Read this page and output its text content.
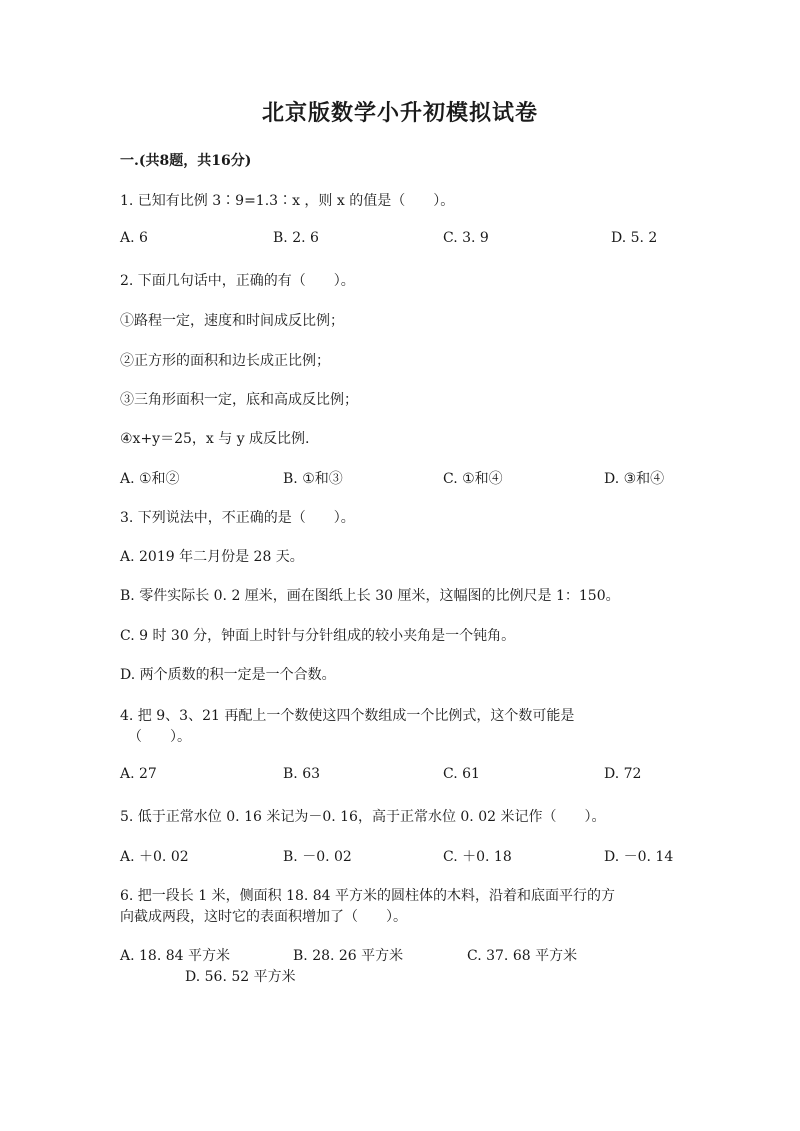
北京版数学小升初模拟试卷
一.(共8题，共16分)
1. 已知有比例 3∶9=1.3∶x ，则 x 的值是（　　）。
A. 6	B. 2. 6	C. 3. 9	D. 5. 2
2. 下面几句话中，正确的有（　　）。
①路程一定，速度和时间成反比例；
②正方形的面积和边长成正比例；
③三角形面积一定，底和高成反比例；
④x+y＝25，x 与 y 成反比例.
A. ①和②	B. ①和③	C. ①和④	D. ③和④
3. 下列说法中，不正确的是（　　）。
A. 2019 年二月份是 28 天。
B. 零件实际长 0. 2 厘米，画在图纸上长 30 厘米，这幅图的比例尺是 1：150。
C. 9 时 30 分，钟面上时针与分针组成的较小夹角是一个钝角。
D. 两个质数的积一定是一个合数。
4. 把 9、3、21 再配上一个数使这四个数组成一个比例式，这个数可能是
（　　）。
A. 27	B. 63	C. 61	D. 72
5. 低于正常水位 0. 16 米记为－0. 16，高于正常水位 0. 02 米记作（　　）。
A. ＋0. 02	B. －0. 02	C. ＋0. 18	D. －0. 14
6. 把一段长 1 米，侧面积 18. 84 平方米的圆柱体的木料，沿着和底面平行的方
向截成两段，这时它的表面积增加了（　　）。
A. 18. 84 平方米	B. 28. 26 平方米	C. 37. 68 平方米
D. 56. 52 平方米
